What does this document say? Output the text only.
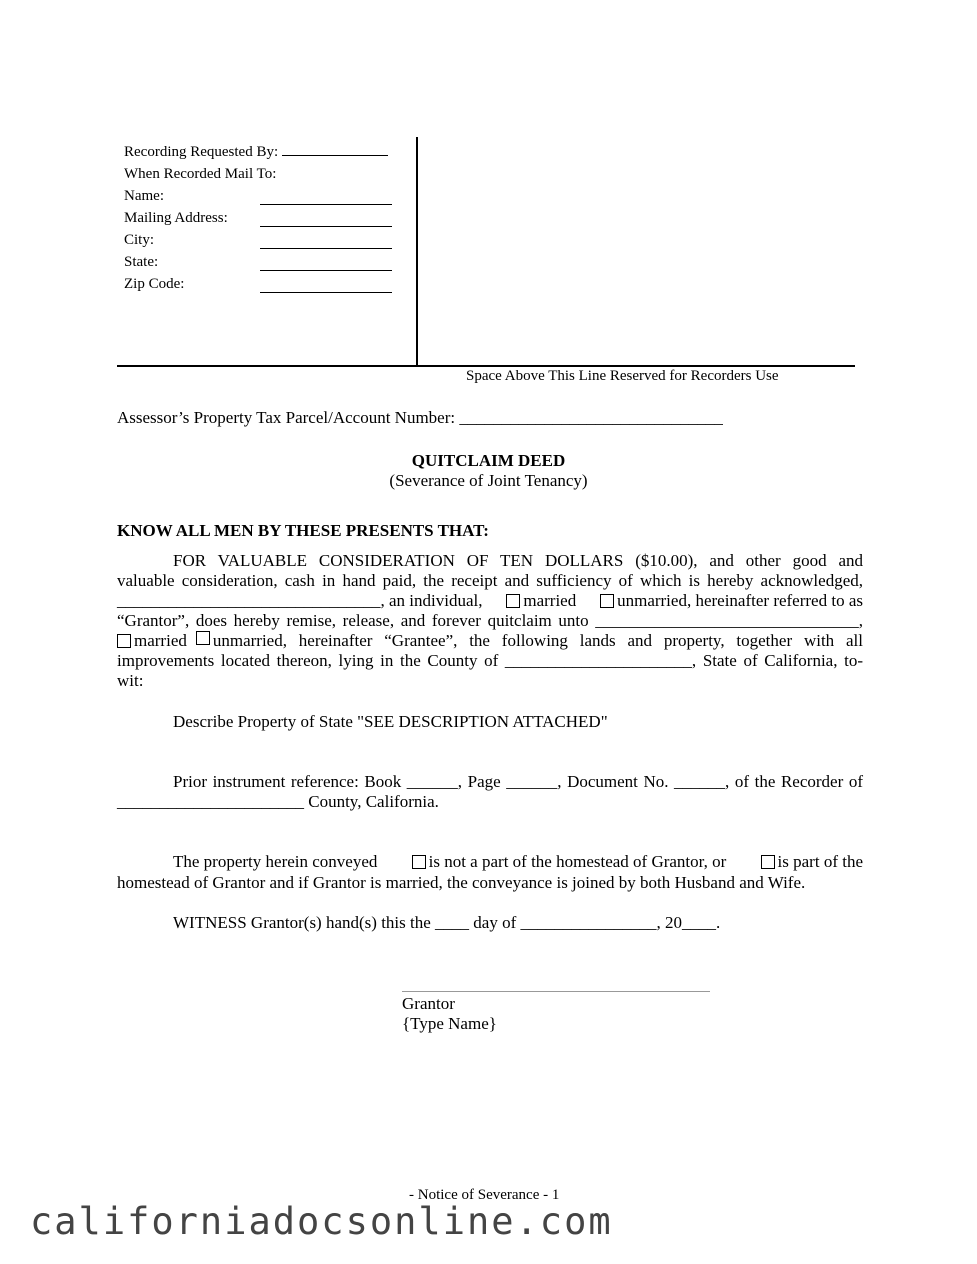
Recording Requested By:
When Recorded Mail To:
Name:
Mailing Address:
City:
State:
Zip Code:
Space Above This Line Reserved for Recorders Use
Assessor’s Property Tax Parcel/Account Number: _______________________________
QUITCLAIM DEED
(Severance of Joint Tenancy)
KNOW ALL MEN BY THESE PRESENTS THAT:
FOR VALUABLE CONSIDERATION OF TEN DOLLARS ($10.00), and other good and
valuable consideration, cash in hand paid, the receipt and sufficiency of which is hereby acknowledged,
_______________________________, an individual,	married	unmarried, hereinafter referred to as
“Grantor”, does hereby remise, release, and forever quitclaim unto _______________________________,
married unmarried, hereinafter “Grantee”, the following lands and property, together with all
improvements located thereon, lying in the County of ______________________, State of California, to-
wit:
Describe Property of State "SEE DESCRIPTION ATTACHED"
Prior instrument reference: Book ______, Page ______, Document No. ______, of the Recorder of
______________________ County, California.
The property herein conveyed	is not a part of the homestead of Grantor, or	is part of the
homestead of Grantor and if Grantor is married, the conveyance is joined by both Husband and Wife.
WITNESS Grantor(s) hand(s) this the ____ day of ________________, 20____.
Grantor
{Type Name}
- Notice of Severance - 1
californiadocsonline.com
